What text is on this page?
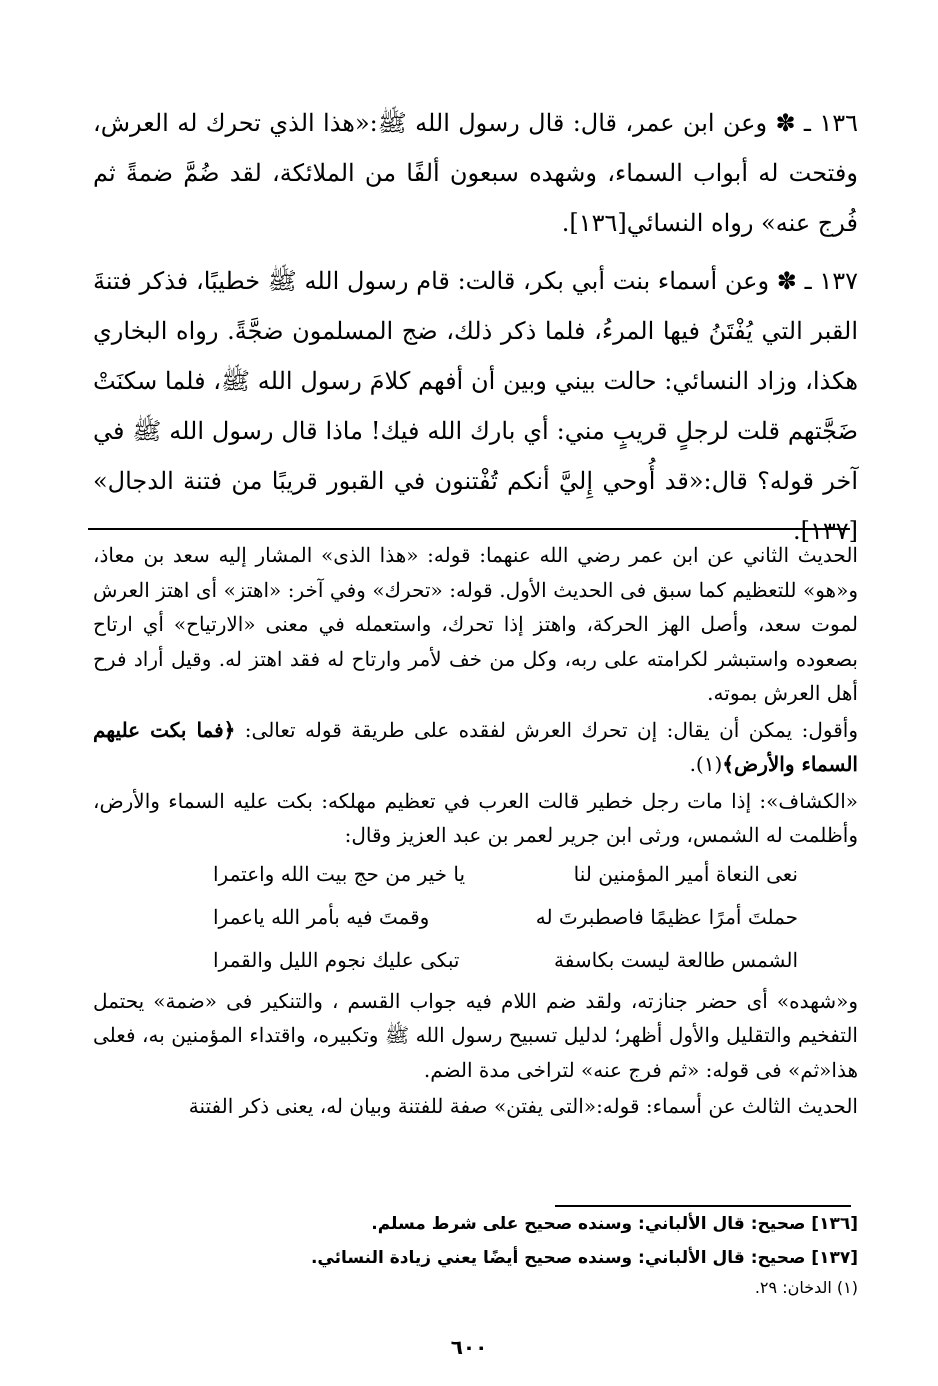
١٣٦ ـ ✽ وعن ابن عمر، قال: قال رسول الله ﷺ:«هذا الذي تحرك له العرش، وفتحت له أبواب السماء، وشهده سبعون ألفًا من الملائكة، لقد ضُمَّ ضمةً ثم فُرج عنه» رواه النسائي[١٣٦].

١٣٧ ـ ✽ وعن أسماء بنت أبي بكر، قالت: قام رسول الله ﷺ خطيبًا، فذكر فتنةَ القبر التي يُفْتَنُ فيها المرءُ، فلما ذكر ذلك، ضج المسلمون ضجَّةً. رواه البخاري هكذا، وزاد النسائي: حالت بيني وبين أن أفهم كلامَ رسول الله ﷺ، فلما سكنَتْ ضَجَّتهم قلت لرجلٍ قريبٍ مني: أي بارك الله فيك! ماذا قال رسول الله ﷺ في آخر قوله؟ قال:«قد أُوحي إِليَّ أنكم تُفْتنون في القبور قريبًا من فتنة الدجال» [١٣٧].

الحديث الثاني عن ابن عمر رضي الله عنهما: قوله: «هذا الذى» المشار إليه سعد بن معاذ، و«هو» للتعظيم كما سبق فى الحديث الأول. قوله: «تحرك» وفي آخر: «اهتز» أى اهتز العرش لموت سعد، وأصل الهز الحركة، واهتز إذا تحرك، واستعمله في معنى «الارتياح» أي ارتاح بصعوده واستبشر لكرامته على ربه، وكل من خف لأمر وارتاح له فقد اهتز له. وقيل أراد فرح أهل العرش بموته.

وأقول: يمكن أن يقال: إن تحرك العرش لفقده على طريقة قوله تعالى: ﴿فما بكت عليهم السماء والأرض﴾(١).

«الكشاف»: إذا مات رجل خطير قالت العرب في تعظيم مهلكه: بكت عليه السماء والأرض، وأظلمت له الشمس، ورثى ابن جرير لعمر بن عبد العزيز وقال:

نعى النعاة أمير المؤمنين لنا
يا خير من حج بيت الله واعتمرا
حملتَ أمرًا عظيمًا فاصطبرتَ له
وقمتَ فيه بأمر الله ياعمرا
الشمس طالعة ليست بكاسفة
تبكى عليك نجوم الليل والقمرا

و«شهده» أى حضر جنازته، ولقد ضم اللام فيه جواب القسم ، والتنكير فى «ضمة» يحتمل التفخيم والتقليل والأول أظهر؛ لدليل تسبيح رسول الله ﷺ وتكبيره، واقتداء المؤمنين به، فعلى هذا«ثم» فى قوله: «ثم فرج عنه» لتراخى مدة الضم.

الحديث الثالث عن أسماء: قوله:«التى يفتن» صفة للفتنة وبيان له، يعنى ذكر الفتنة

[١٣٦] صحيح: قال الألباني: وسنده صحيح على شرط مسلم.
[١٣٧] صحيح: قال الألباني: وسنده صحيح أيضًا يعني زيادة النسائي.
(١) الدخان: ٢٩.
٦٠٠
